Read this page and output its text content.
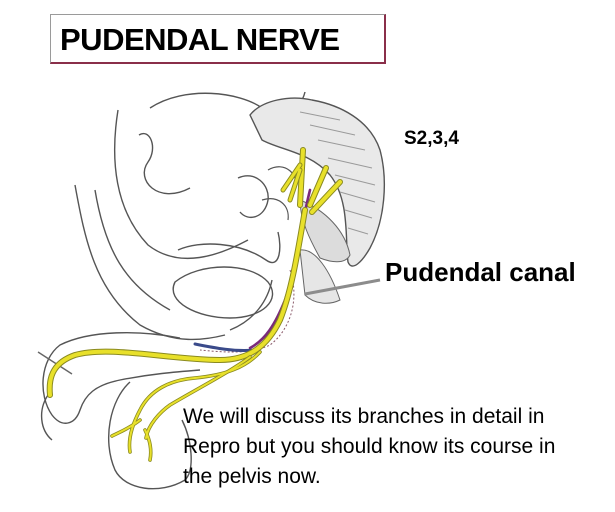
PUDENDAL NERVE
S2,3,4
Pudendal canal
We will discuss its branches in detail in
Repro but you should know its course in
the pelvis now.
